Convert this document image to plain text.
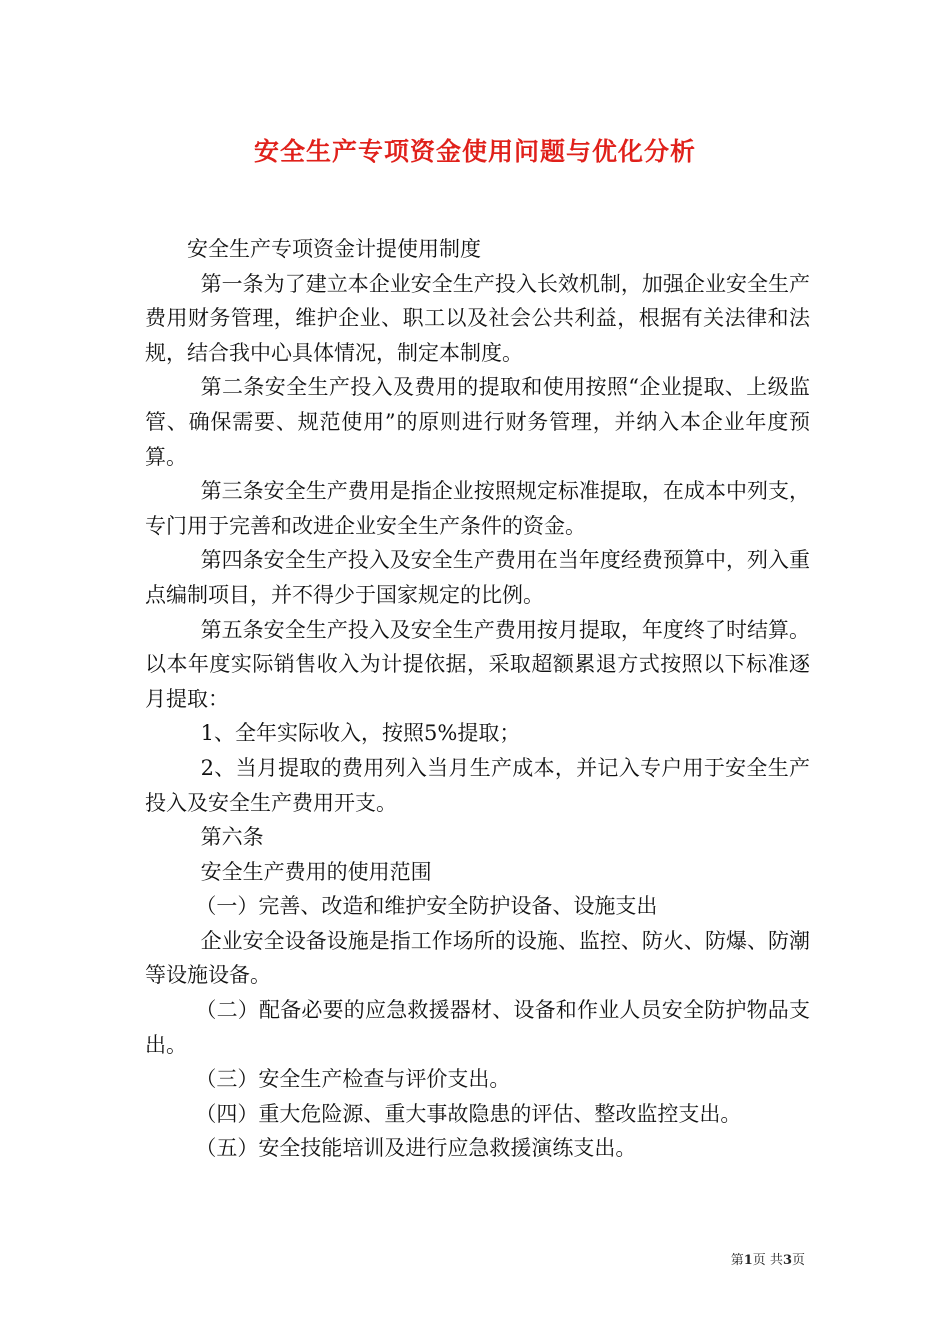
安全生产专项资金使用问题与优化分析

安全生产专项资金计提使用制度

第一条为了建立本企业安全生产投入长效机制，加强企业安全生产费用财务管理，维护企业、职工以及社会公共利益，根据有关法律和法规，结合我中心具体情况，制定本制度。

第二条安全生产投入及费用的提取和使用按照“企业提取、上级监管、确保需要、规范使用”的原则进行财务管理，并纳入本企业年度预算。

第三条安全生产费用是指企业按照规定标准提取，在成本中列支，专门用于完善和改进企业安全生产条件的资金。

第四条安全生产投入及安全生产费用在当年度经费预算中，列入重点编制项目，并不得少于国家规定的比例。

第五条安全生产投入及安全生产费用按月提取，年度终了时结算。以本年度实际销售收入为计提依据，采取超额累退方式按照以下标准逐月提取：

1、全年实际收入，按照5%提取；

2、当月提取的费用列入当月生产成本，并记入专户用于安全生产投入及安全生产费用开支。

第六条

安全生产费用的使用范围

（一）完善、改造和维护安全防护设备、设施支出

企业安全设备设施是指工作场所的设施、监控、防火、防爆、防潮等设施设备。

（二）配备必要的应急救援器材、设备和作业人员安全防护物品支出。

（三）安全生产检查与评价支出。

（四）重大危险源、重大事故隐患的评估、整改监控支出。

（五）安全技能培训及进行应急救援演练支出。

第1页 共3页
